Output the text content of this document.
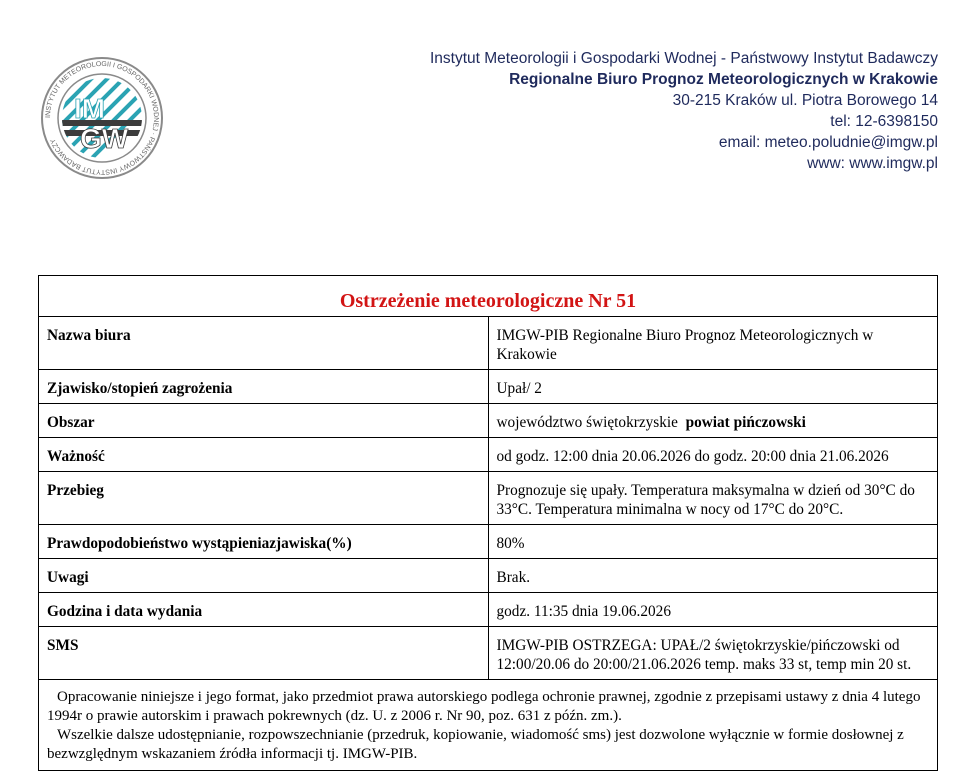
INSTYTUT METEOROLOGII I GOSPODARKI WODNEJ · PAŃSTWOWY INSTYTUT BADAWCZY
IM
GW
Instytut Meteorologii i Gospodarki Wodnej - Państwowy Instytut Badawczy
Regionalne Biuro Prognoz Meteorologicznych w Krakowie
30-215 Kraków ul. Piotra Borowego 14
tel: 12-6398150
email: meteo.poludnie@imgw.pl
www: www.imgw.pl
Ostrzeżenie meteorologiczne Nr 51	
Nazwa biura	IMGW-PIB Regionalne Biuro Prognoz Meteorologicznych w Krakowie
Zjawisko/stopień zagrożenia	Upał/ 2
Obszar	województwo świętokrzyskie powiat pińczowski
Ważność	od godz. 12:00 dnia 20.06.2026 do godz. 20:00 dnia 21.06.2026
Przebieg	Prognozuje się upały. Temperatura maksymalna w dzień od 30°C do 33°C. Temperatura minimalna w nocy od 17°C do 20°C.
Prawdopodobieństwo wystąpieniazjawiska(%)	80%
Uwagi	Brak.
Godzina i data wydania	godz. 11:35 dnia 19.06.2026
SMS	IMGW-PIB OSTRZEGA: UPAŁ/2 świętokrzyskie/pińczowski od 12:00/20.06 do 20:00/21.06.2026 temp. maks 33 st, temp min 20 st.

Opracowanie niniejsze i jego format, jako przedmiot prawa autorskiego podlega ochronie prawnej, zgodnie z przepisami ustawy z dnia 4 lutego 1994r o prawie autorskim i prawach pokrewnych (dz. U. z 2006 r. Nr 90, poz. 631 z późn. zm.).

Wszelkie dalsze udostępnianie, rozpowszechnianie (przedruk, kopiowanie, wiadomość sms) jest dozwolone wyłącznie w formie dosłownej z bezwzględnym wskazaniem źródła informacji tj. IMGW-PIB.	
